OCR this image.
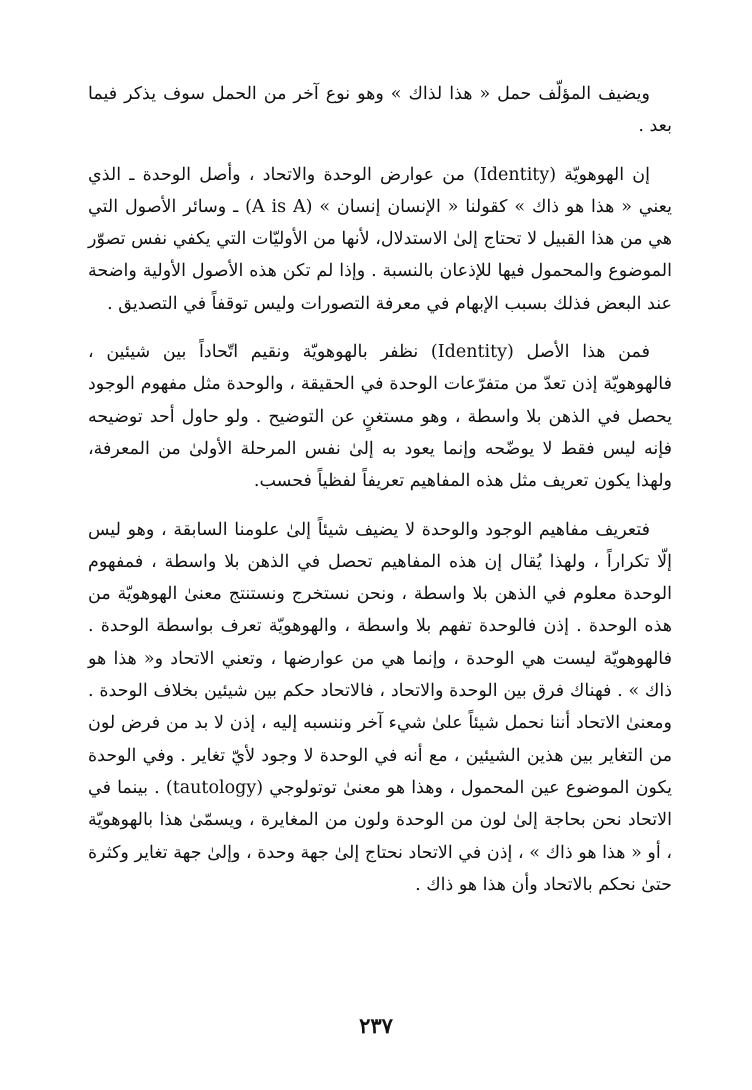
ويضيف المؤلّف حمل « هذا لذاك » وهو نوع آخر من الحمل سوف يذكر فيما بعد .

إن الهوهويّة (Identity) من عوارض الوحدة والاتحاد ، وأصل الوحدة ـ الذي يعني « هذا هو ذاك » كقولنا « الإنسان إنسان » (A is A) ـ وسائر الأصول التي هي من هذا القبيل لا تحتاج إلىٰ الاستدلال، لأنها من الأوليّات التي يكفي نفس تصوّر الموضوع والمحمول فيها للإذعان بالنسبة . وإذا لم تكن هذه الأصول الأولية واضحة عند البعض فذلك بسبب الإبهام في معرفة التصورات وليس توقفاً في التصديق .

فمن هذا الأصل (Identity) نظفر بالهوهويّة ونقيم اتّحاداً بين شيئين ، فالهوهويّة إذن تعدّ من متفرّعات الوحدة في الحقيقة ، والوحدة مثل مفهوم الوجود يحصل في الذهن بلا واسطة ، وهو مستغنٍ عن التوضيح . ولو حاول أحد توضيحه فإنه ليس فقط لا يوضّحه وإنما يعود به إلىٰ نفس المرحلة الأولىٰ من المعرفة، ولهذا يكون تعريف مثل هذه المفاهيم تعريفاً لفظياً فحسب.

فتعريف مفاهيم الوجود والوحدة لا يضيف شيئاً إلىٰ علومنا السابقة ، وهو ليس إلّا تكراراً ، ولهذا يُقال إن هذه المفاهيم تحصل في الذهن بلا واسطة ، فمفهوم الوحدة معلوم في الذهن بلا واسطة ، ونحن نستخرج ونستنتج معنىٰ الهوهويّة من هذه الوحدة . إذن فالوحدة تفهم بلا واسطة ، والهوهويّة تعرف بواسطة الوحدة . فالهوهويّة ليست هي الوحدة ، وإنما هي من عوارضها ، وتعني الاتحاد و« هذا هو ذاك » . فهناك فرق بين الوحدة والاتحاد ، فالاتحاد حكم بين شيئين بخلاف الوحدة . ومعنىٰ الاتحاد أننا نحمل شيئاً علىٰ شيء آخر وننسبه إليه ، إذن لا بد من فرض لون من التغاير بين هذين الشيئين ، مع أنه في الوحدة لا وجود لأيّ تغاير . وفي الوحدة يكون الموضوع عين المحمول ، وهذا هو معنىٰ توتولوجي (tautology) . بينما في الاتحاد نحن بحاجة إلىٰ لون من الوحدة ولون من المغايرة ، ويسمّىٰ هذا بالهوهويّة ، أو « هذا هو ذاك » ، إذن في الاتحاد نحتاج إلىٰ جهة وحدة ، وإلىٰ جهة تغاير وكثرة حتىٰ نحكم بالاتحاد وأن هذا هو ذاك .

٢٣٧
